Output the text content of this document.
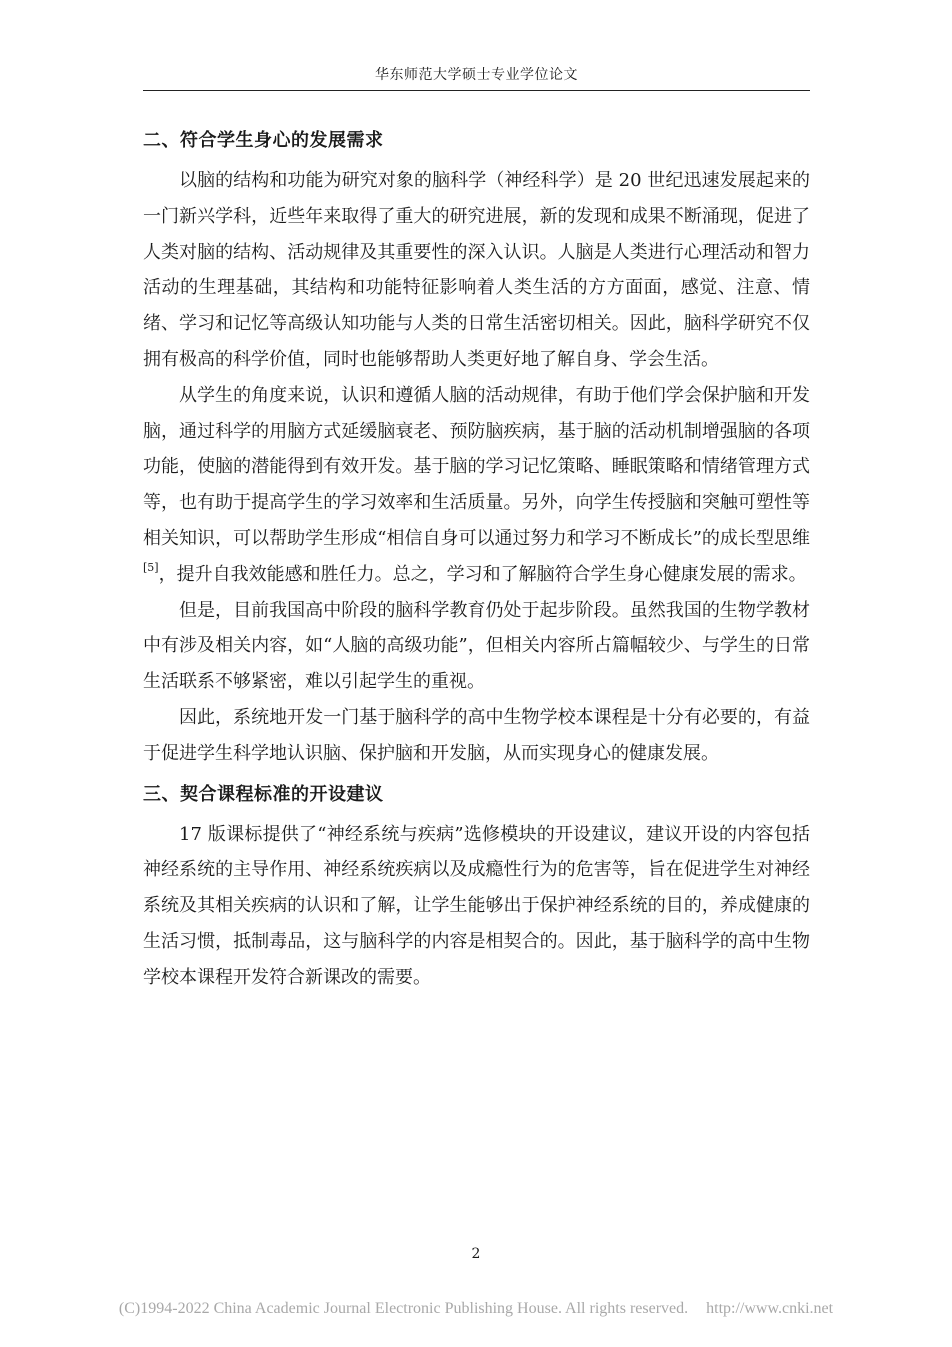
华东师范大学硕士专业学位论文
二、符合学生身心的发展需求

以脑的结构和功能为研究对象的脑科学（神经科学）是 20 世纪迅速发展起来的一门新兴学科，近些年来取得了重大的研究进展，新的发现和成果不断涌现，促进了人类对脑的结构、活动规律及其重要性的深入认识。人脑是人类进行心理活动和智力活动的生理基础，其结构和功能特征影响着人类生活的方方面面，感觉、注意、情绪、学习和记忆等高级认知功能与人类的日常生活密切相关。因此，脑科学研究不仅拥有极高的科学价值，同时也能够帮助人类更好地了解自身、学会生活。

从学生的角度来说，认识和遵循人脑的活动规律，有助于他们学会保护脑和开发脑，通过科学的用脑方式延缓脑衰老、预防脑疾病，基于脑的活动机制增强脑的各项功能，使脑的潜能得到有效开发。基于脑的学习记忆策略、睡眠策略和情绪管理方式等，也有助于提高学生的学习效率和生活质量。另外，向学生传授脑和突触可塑性等相关知识，可以帮助学生形成“相信自身可以通过努力和学习不断成长”的成长型思维[5]，提升自我效能感和胜任力。总之，学习和了解脑符合学生身心健康发展的需求。

但是，目前我国高中阶段的脑科学教育仍处于起步阶段。虽然我国的生物学教材中有涉及相关内容，如“人脑的高级功能”，但相关内容所占篇幅较少、与学生的日常生活联系不够紧密，难以引起学生的重视。

因此，系统地开发一门基于脑科学的高中生物学校本课程是十分有必要的，有益于促进学生科学地认识脑、保护脑和开发脑，从而实现身心的健康发展。

三、契合课程标准的开设建议

17 版课标提供了“神经系统与疾病”选修模块的开设建议，建议开设的内容包括神经系统的主导作用、神经系统疾病以及成瘾性行为的危害等，旨在促进学生对神经系统及其相关疾病的认识和了解，让学生能够出于保护神经系统的目的，养成健康的生活习惯，抵制毒品，这与脑科学的内容是相契合的。因此，基于脑科学的高中生物学校本课程开发符合新课改的需要。

2
(C)1994-2022 China Academic Journal Electronic Publishing House. All rights reserved. http://www.cnki.net
